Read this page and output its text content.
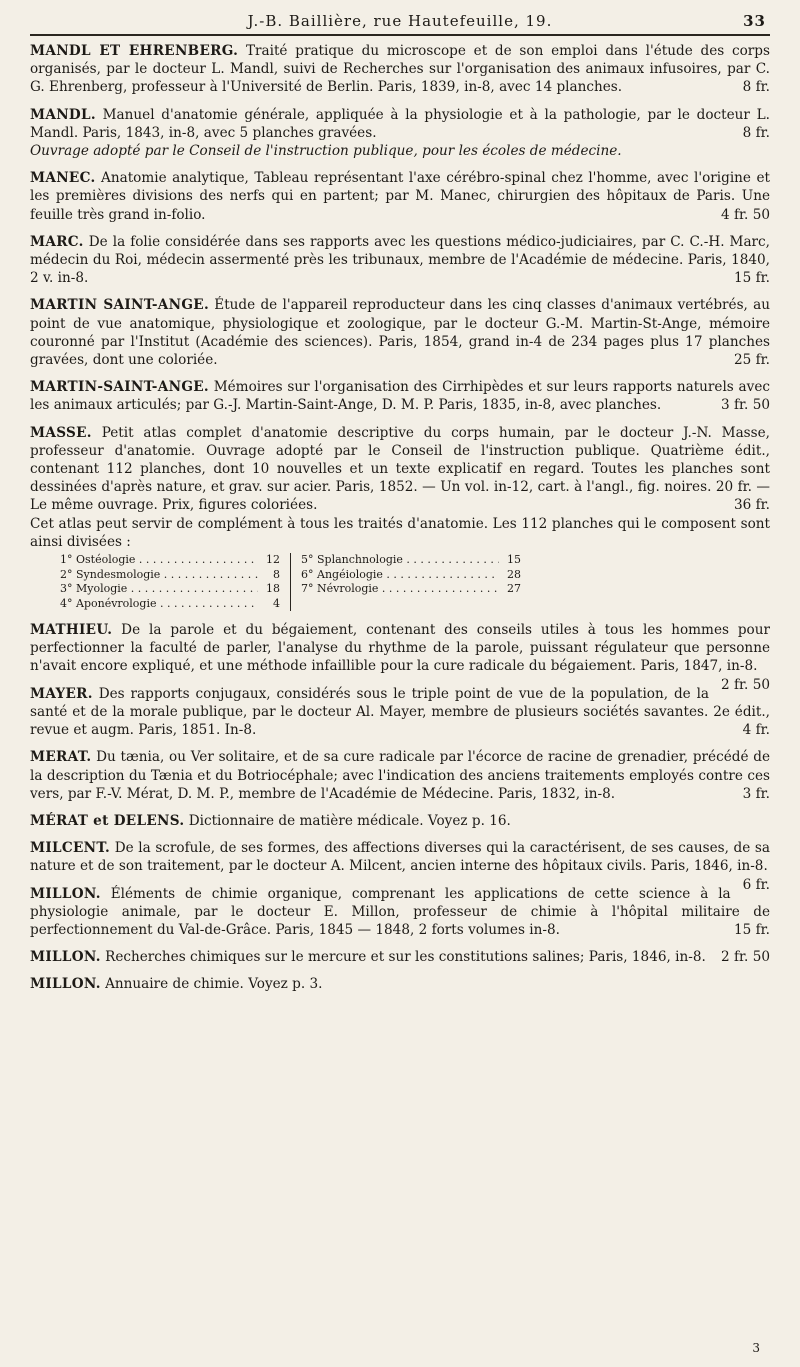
J.-B. Baillière, rue Hautefeuille, 19.	33

MANDL ET EHRENBERG. Traité pratique du microscope et de son emploi dans l'étude des corps organisés, par le docteur L. Mandl, suivi de Recherches sur l'organisation des animaux infusoires, par C. G. Ehrenberg, professeur à l'Université de Berlin. Paris, 1839, in-8, avec 14 planches.	8 fr.

MANDL. Manuel d'anatomie générale, appliquée à la physiologie et à la pathologie, par le docteur L. Mandl. Paris, 1843, in-8, avec 5 planches gravées.	8 fr.

Ouvrage adopté par le Conseil de l'instruction publique, pour les écoles de médecine.

MANEC. Anatomie analytique, Tableau représentant l'axe cérébro-spinal chez l'homme, avec l'origine et les premières divisions des nerfs qui en partent; par M. Manec, chirurgien des hôpitaux de Paris. Une feuille très grand in-folio.	4 fr. 50

MARC. De la folie considérée dans ses rapports avec les questions médico-judiciaires, par C. C.-H. Marc, médecin du Roi, médecin assermenté près les tribunaux, membre de l'Académie de médecine. Paris, 1840, 2 v. in-8.	15 fr.

MARTIN SAINT-ANGE. Étude de l'appareil reproducteur dans les cinq classes d'animaux vertébrés, au point de vue anatomique, physiologique et zoologique, par le docteur G.-M. Martin-St-Ange, mémoire couronné par l'Institut (Académie des sciences). Paris, 1854, grand in-4 de 234 pages plus 17 planches gravées, dont une coloriée.	25 fr.

MARTIN-SAINT-ANGE. Mémoires sur l'organisation des Cirrhipèdes et sur leurs rapports naturels avec les animaux articulés; par G.-J. Martin-Saint-Ange, D. M. P. Paris, 1835, in-8, avec planches.	3 fr. 50

MASSE. Petit atlas complet d'anatomie descriptive du corps humain, par le docteur J.-N. Masse, professeur d'anatomie. Ouvrage adopté par le Conseil de l'instruction publique. Quatrième édit., contenant 112 planches, dont 10 nouvelles et un texte explicatif en regard. Toutes les planches sont dessinées d'après nature, et grav. sur acier. Paris, 1852. — Un vol. in-12, cart. à l'angl., fig. noires. 20 fr. — Le même ouvrage. Prix, figures coloriées.	36 fr.

Cet atlas peut servir de complément à tous les traités d'anatomie. Les 112 planches qui le composent sont ainsi divisées :

1° Ostéologie . . .	12
2° Syndesmologie . . .	8
3° Myologie . . .	18
4° Aponévrologie . . .	4
5° Splanchnologie . . .	15
6° Angéiologie . . .	28
7° Névrologie . . .	27

MATHIEU. De la parole et du bégaiement, contenant des conseils utiles à tous les hommes pour perfectionner la faculté de parler, l'analyse du rhythme de la parole, puissant régulateur que personne n'avait encore expliqué, et une méthode infaillible pour la cure radicale du bégaiement. Paris, 1847, in-8.
2 fr. 50

MAYER. Des rapports conjugaux, considérés sous le triple point de vue de la population, de la santé et de la morale publique, par le docteur Al. Mayer, membre de plusieurs sociétés savantes. 2e édit., revue et augm. Paris, 1851. In-8.	4 fr.

MERAT. Du tænia, ou Ver solitaire, et de sa cure radicale par l'écorce de racine de grenadier, précédé de la description du Tænia et du Botriocéphale; avec l'indication des anciens traitements employés contre ces vers, par F.-V. Mérat, D. M. P., membre de l'Académie de Médecine. Paris, 1832, in-8.	3 fr.

MÉRAT et DELENS. Dictionnaire de matière médicale. Voyez p. 16.

MILCENT. De la scrofule, de ses formes, des affections diverses qui la caractérisent, de ses causes, de sa nature et de son traitement, par le docteur A. Milcent, ancien interne des hôpitaux civils. Paris, 1846, in-8.
6 fr.

MILLON. Éléments de chimie organique, comprenant les applications de cette science à la physiologie animale, par le docteur E. Millon, professeur de chimie à l'hôpital militaire de perfectionnement du Val-de-Grâce. Paris, 1845 — 1848, 2 forts volumes in-8.	15 fr.

MILLON. Recherches chimiques sur le mercure et sur les constitutions salines; Paris, 1846, in-8. 2 fr. 50

MILLON. Annuaire de chimie. Voyez p. 3.

3
